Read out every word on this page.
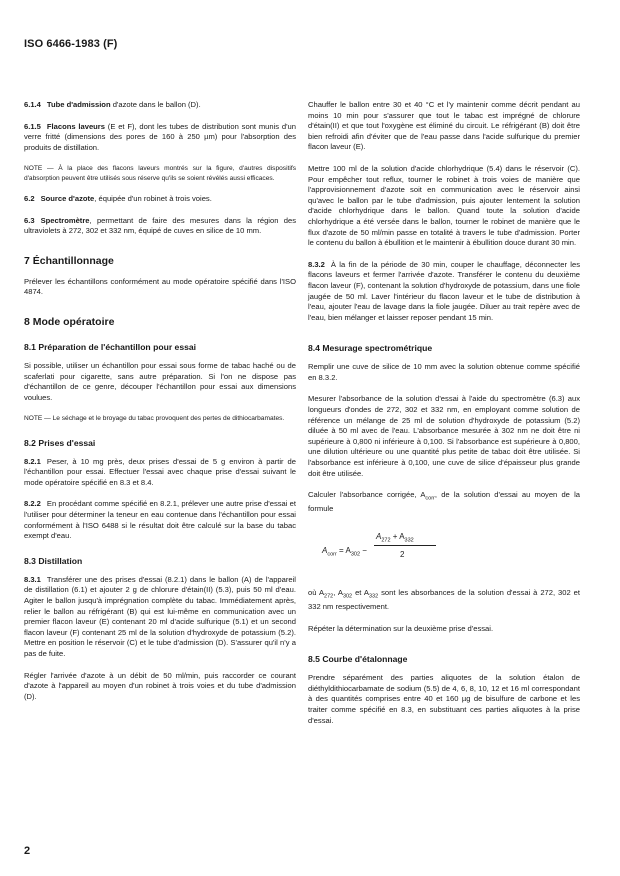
ISO 6466-1983 (F)

6.1.4 Tube d'admission d'azote dans le ballon (D).

6.1.5 Flacons laveurs (E et F), dont les tubes de distribution sont munis d'un verre fritté (dimensions des pores de 160 à 250 µm) pour l'absorption des produits de distillation.

NOTE — À la place des flacons laveurs montrés sur la figure, d'autres dispositifs d'absorption peuvent être utilisés sous réserve qu'ils se soient révélés aussi efficaces.

6.2 Source d'azote, équipée d'un robinet à trois voies.

6.3 Spectromètre, permettant de faire des mesures dans la région des ultraviolets à 272, 302 et 332 nm, équipé de cuves en silice de 10 mm.

7 Échantillonnage

Prélever les échantillons conformément au mode opératoire spécifié dans l'ISO 4874.

8 Mode opératoire
8.1 Préparation de l'échantillon pour essai

Si possible, utiliser un échantillon pour essai sous forme de tabac haché ou de scaferlati pour cigarette, sans autre préparation. Si l'on ne dispose pas d'échantillon de ce genre, découper l'échantillon pour essai aux dimensions voulues.

NOTE — Le séchage et le broyage du tabac provoquent des pertes de dithiocarbamates.
8.2 Prises d'essai

8.2.1 Peser, à 10 mg près, deux prises d'essai de 5 g environ à partir de l'échantillon pour essai. Effectuer l'essai avec chaque prise d'essai suivant le mode opératoire spécifié en 8.3 et 8.4.

8.2.2 En procédant comme spécifié en 8.2.1, prélever une autre prise d'essai et l'utiliser pour déterminer la teneur en eau contenue dans l'échantillon pour essai conformément à l'ISO 6488 si le résultat doit être calculé sur la base du tabac exempt d'eau.

8.3 Distillation

8.3.1 Transférer une des prises d'essai (8.2.1) dans le ballon (A) de l'appareil de distillation (6.1) et ajouter 2 g de chlorure d'étain(II) (5.3), puis 50 ml d'eau. Agiter le ballon jusqu'à imprégnation complète du tabac. Immédiatement après, relier le ballon au réfrigérant (B) qui est lui-même en communication avec un premier flacon laveur (E) contenant 20 ml d'acide sulfurique (5.1) et un second flacon laveur (F) contenant 25 ml de la solution d'hydroxyde de potassium (5.2). Mettre en position le réservoir (C) et le tube d'admission (D). S'assurer qu'il n'y a pas de fuite.

Régler l'arrivée d'azote à un débit de 50 ml/min, puis raccorder ce courant d'azote à l'appareil au moyen d'un robinet à trois voies et du tube d'admission (D).

Chauffer le ballon entre 30 et 40 °C et l'y maintenir comme décrit pendant au moins 10 min pour s'assurer que tout le tabac est imprégné de chlorure d'étain(II) et que tout l'oxygène est éliminé du circuit. Le réfrigérant (B) doit être bien refroidi afin d'éviter que de l'eau passe dans l'acide sulfurique du premier flacon laveur (E).

Mettre 100 ml de la solution d'acide chlorhydrique (5.4) dans le réservoir (C). Pour empêcher tout reflux, tourner le robinet à trois voies de manière que l'approvisionnement d'azote soit en communication avec le réservoir ainsi qu'avec le ballon par le tube d'admission, puis ajouter lentement la solution d'acide chlorhydrique dans le ballon. Quand toute la solution d'acide chlorhydrique a été versée dans le ballon, tourner le robinet de manière que le flux d'azote de 50 ml/min passe en totalité à travers le tube d'admission. Porter le contenu du ballon à ébullition et le maintenir à ébullition douce durant 30 min.

8.3.2 À la fin de la période de 30 min, couper le chauffage, déconnecter les flacons laveurs et fermer l'arrivée d'azote. Transférer le contenu du deuxième flacon laveur (F), contenant la solution d'hydroxyde de potassium, dans une fiole jaugée de 50 ml. Laver l'intérieur du flacon laveur et le tube de distribution à l'eau, ajouter l'eau de lavage dans la fiole jaugée. Diluer au trait repère avec de l'eau, bien mélanger et laisser reposer pendant 15 min.

8.4 Mesurage spectrométrique

Remplir une cuve de silice de 10 mm avec la solution obtenue comme spécifié en 8.3.2.

Mesurer l'absorbance de la solution d'essai à l'aide du spectromètre (6.3) aux longueurs d'ondes de 272, 302 et 332 nm, en employant comme solution de référence un mélange de 25 ml de solution d'hydroxyde de potassium (5.2) diluée à 50 ml avec de l'eau. L'absorbance mesurée à 302 nm ne doit être ni supérieure à 0,800 ni inférieure à 0,100. Si l'absorbance est supérieure à 0,800, une dilution ultérieure ou une quantité plus petite de tabac doit être utilisée. Si l'absorbance est inférieure à 0,100, une cuve de silice d'épaisseur plus grande doit être utilisée.

Calculer l'absorbance corrigée, $A_{corr}$, de la solution d'essai au moyen de la formule

$A_{corr} = A_{302}$ −
$A_{272} + A_{332}$
2

où $A_{272}$, $A_{302}$ et $A_{332}$ sont les absorbances de la solution d'essai à 272, 302 et 332 nm respectivement.

Répéter la détermination sur la deuxième prise d'essai.

8.5 Courbe d'étalonnage

Prendre séparément des parties aliquotes de la solution étalon de diéthyldithiocarbamate de sodium (5.5) de 4, 6, 8, 10, 12 et 16 ml correspondant à des quantités comprises entre 40 et 160 µg de bisulfure de carbone et les traiter comme spécifié en 8.3, en substituant ces parties aliquotes à la prise d'essai.

2
